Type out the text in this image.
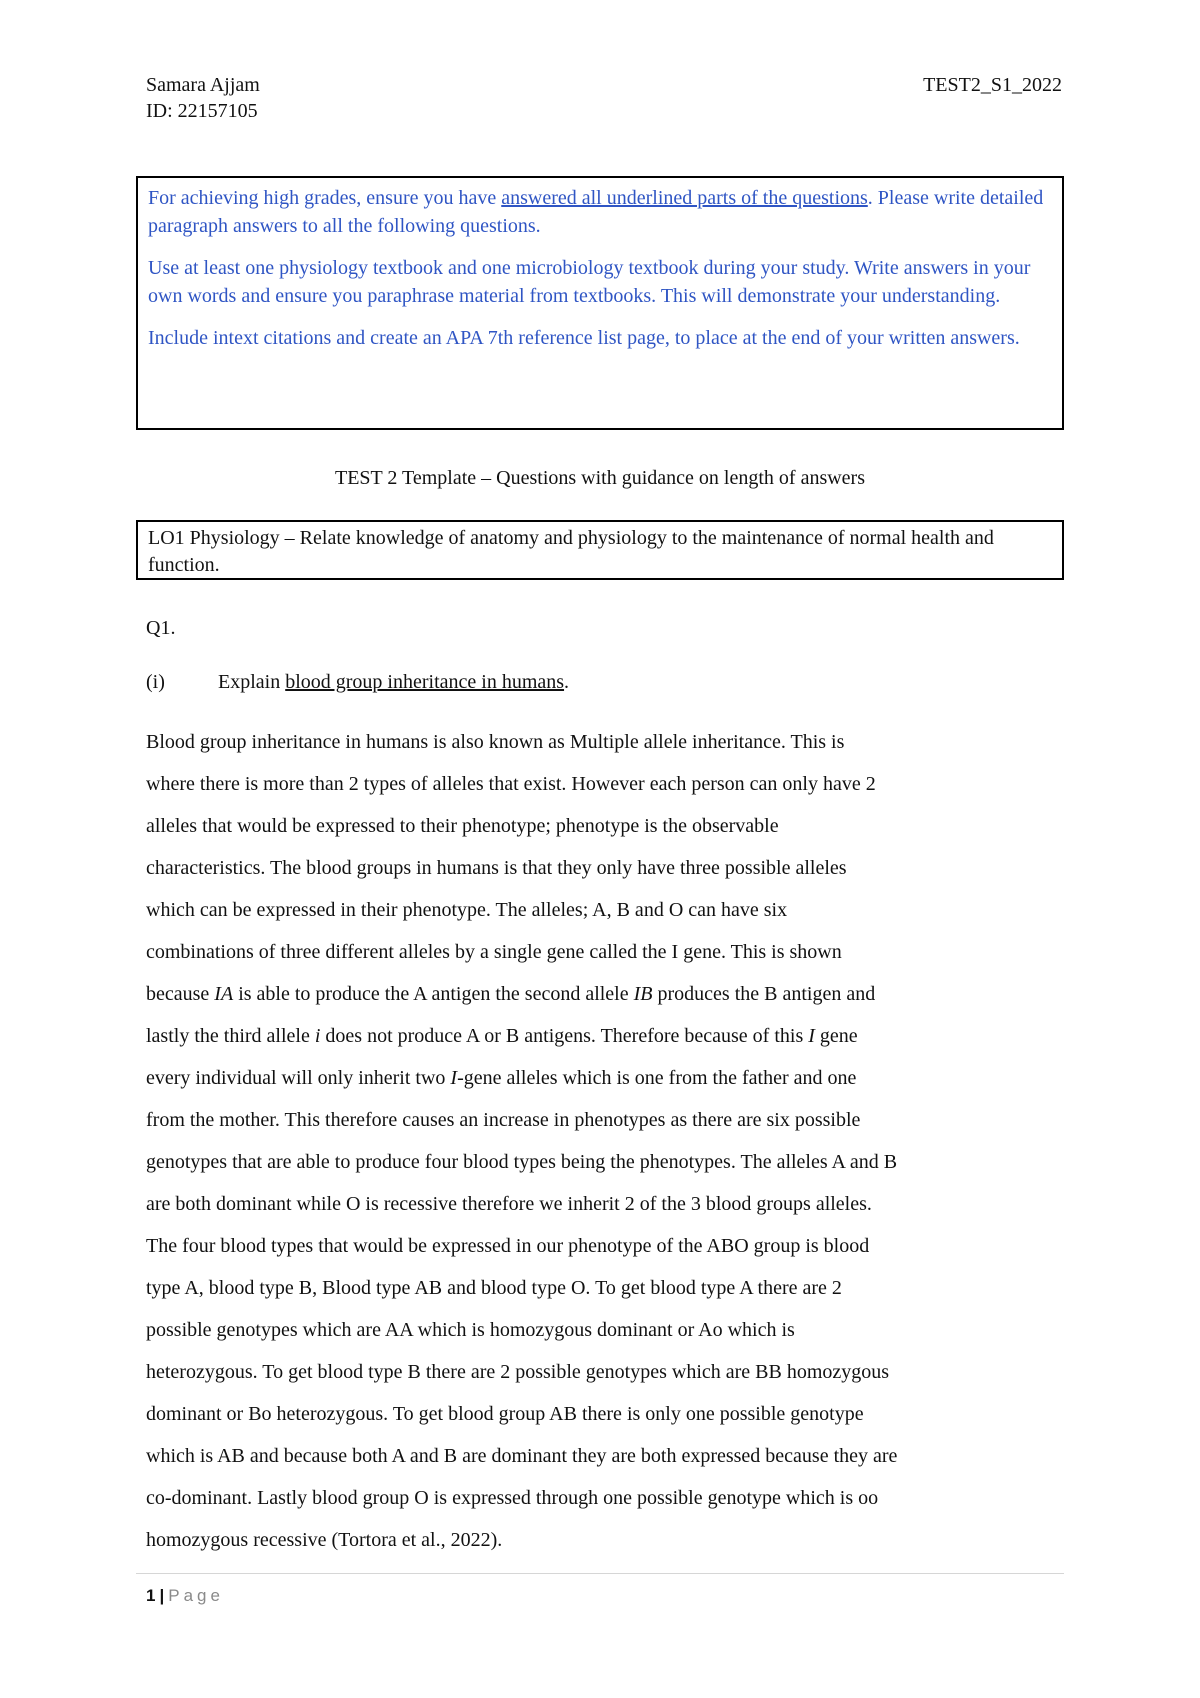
Samara Ajjam
ID: 22157105
TEST2_S1_2022

For achieving high grades, ensure you have answered all underlined parts of the questions. Please write detailed paragraph answers to all the following questions.

Use at least one physiology textbook and one microbiology textbook during your study. Write answers in your own words and ensure you paraphrase material from textbooks. This will demonstrate your understanding.

Include intext citations and create an APA 7th reference list page, to place at the end of your written answers.

TEST 2 Template – Questions with guidance on length of answers
LO1 Physiology – Relate knowledge of anatomy and physiology to the maintenance of normal health and function.
Q1.
(i)	Explain blood group inheritance in humans.
Blood group inheritance in humans is also known as Multiple allele inheritance. This is
where there is more than 2 types of alleles that exist. However each person can only have 2
alleles that would be expressed to their phenotype; phenotype is the observable
characteristics. The blood groups in humans is that they only have three possible alleles
which can be expressed in their phenotype. The alleles; A, B and O can have six
combinations of three different alleles by a single gene called the I gene. This is shown
because IA is able to produce the A antigen the second allele IB produces the B antigen and
lastly the third allele i does not produce A or B antigens. Therefore because of this I gene
every individual will only inherit two I-gene alleles which is one from the father and one
from the mother. This therefore causes an increase in phenotypes as there are six possible
genotypes that are able to produce four blood types being the phenotypes. The alleles A and B
are both dominant while O is recessive therefore we inherit 2 of the 3 blood groups alleles.
The four blood types that would be expressed in our phenotype of the ABO group is blood
type A, blood type B, Blood type AB and blood type O. To get blood type A there are 2
possible genotypes which are AA which is homozygous dominant or Ao which is
heterozygous. To get blood type B there are 2 possible genotypes which are BB homozygous
dominant or Bo heterozygous. To get blood group AB there is only one possible genotype
which is AB and because both A and B are dominant they are both expressed because they are
co-dominant. Lastly blood group O is expressed through one possible genotype which is oo
homozygous recessive (Tortora et al., 2022).
1 | Page
